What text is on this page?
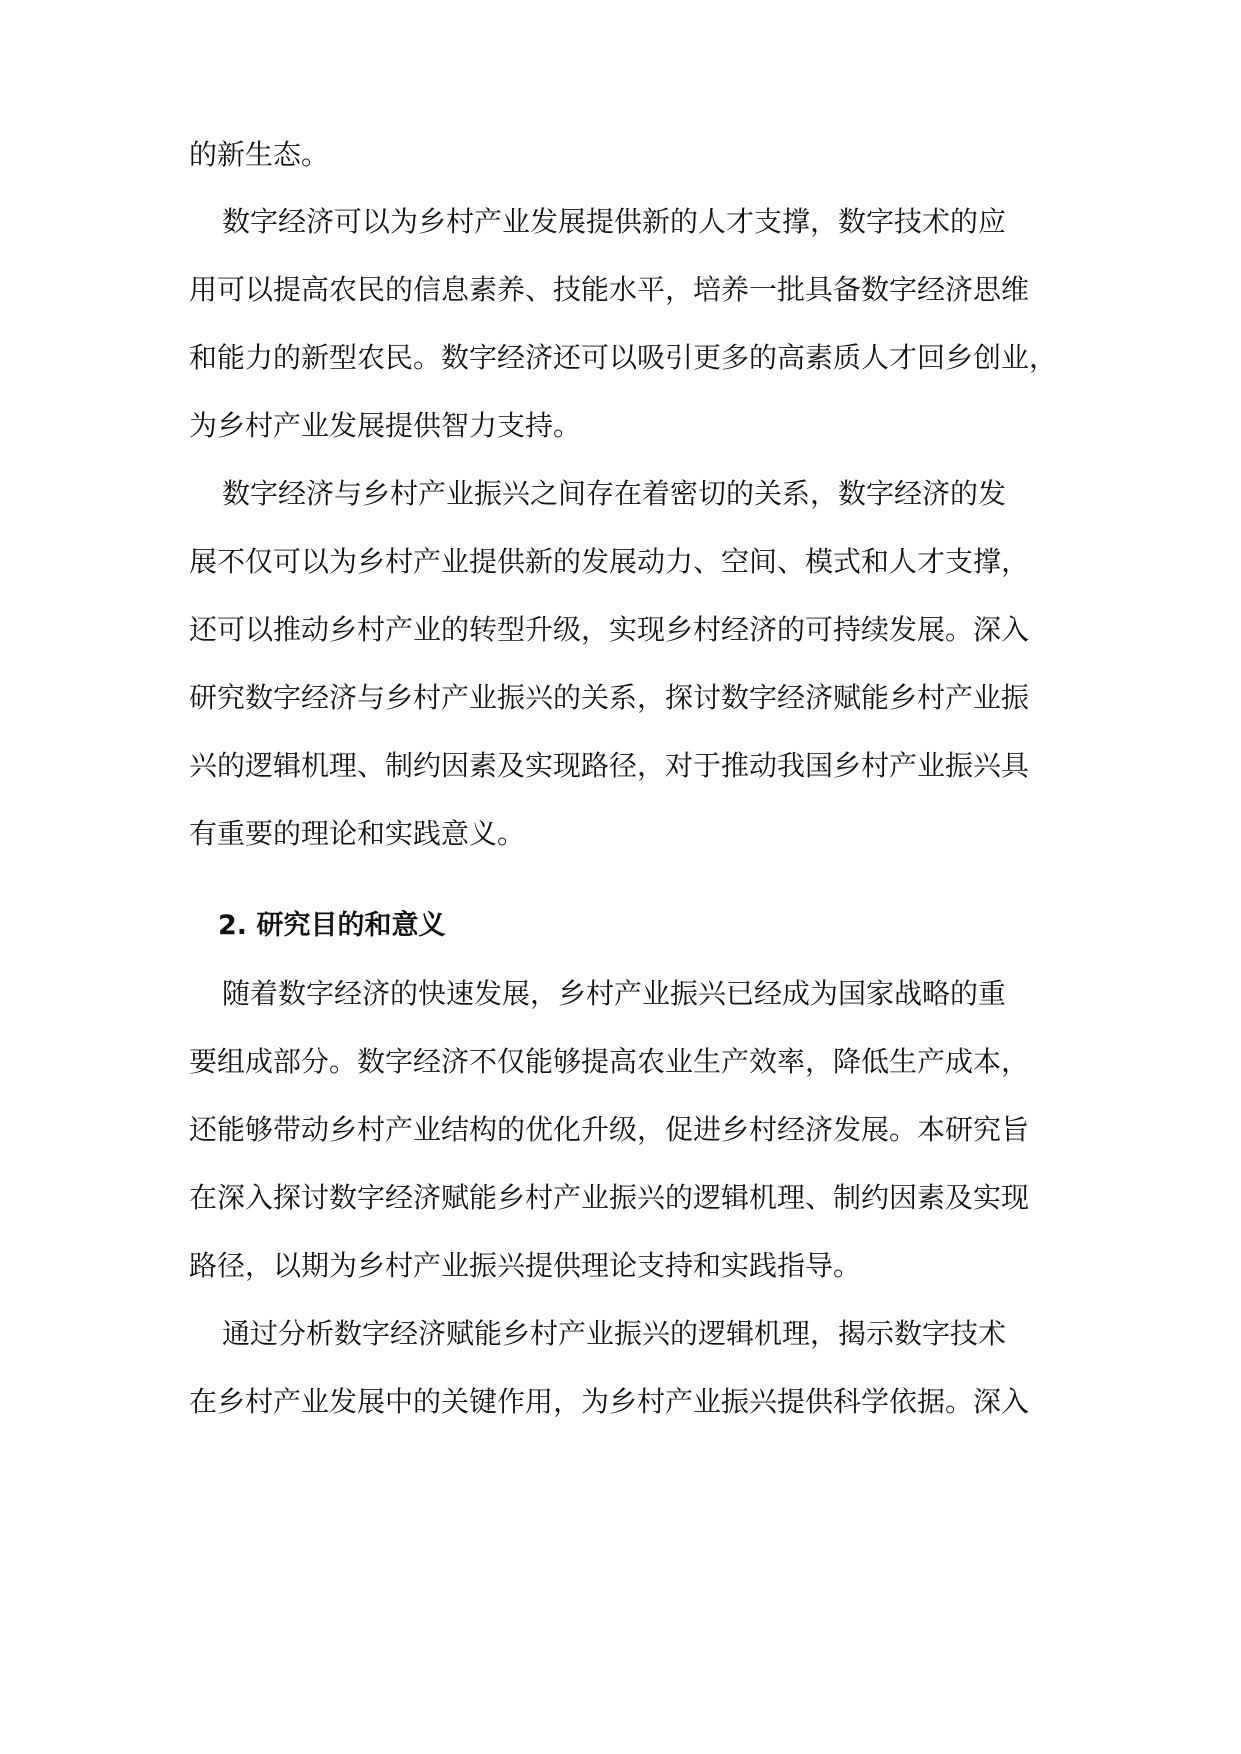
的新生态。
数字经济可以为乡村产业发展提供新的人才支撑，数字技术的应
用可以提高农民的信息素养、技能水平，培养一批具备数字经济思维
和能力的新型农民。数字经济还可以吸引更多的高素质人才回乡创业，
为乡村产业发展提供智力支持。
数字经济与乡村产业振兴之间存在着密切的关系，数字经济的发
展不仅可以为乡村产业提供新的发展动力、空间、模式和人才支撑，
还可以推动乡村产业的转型升级，实现乡村经济的可持续发展。深入
研究数字经济与乡村产业振兴的关系，探讨数字经济赋能乡村产业振
兴的逻辑机理、制约因素及实现路径，对于推动我国乡村产业振兴具
有重要的理论和实践意义。
2. 研究目的和意义
随着数字经济的快速发展，乡村产业振兴已经成为国家战略的重
要组成部分。数字经济不仅能够提高农业生产效率，降低生产成本，
还能够带动乡村产业结构的优化升级，促进乡村经济发展。本研究旨
在深入探讨数字经济赋能乡村产业振兴的逻辑机理、制约因素及实现
路径，以期为乡村产业振兴提供理论支持和实践指导。
通过分析数字经济赋能乡村产业振兴的逻辑机理，揭示数字技术
在乡村产业发展中的关键作用，为乡村产业振兴提供科学依据。深入
